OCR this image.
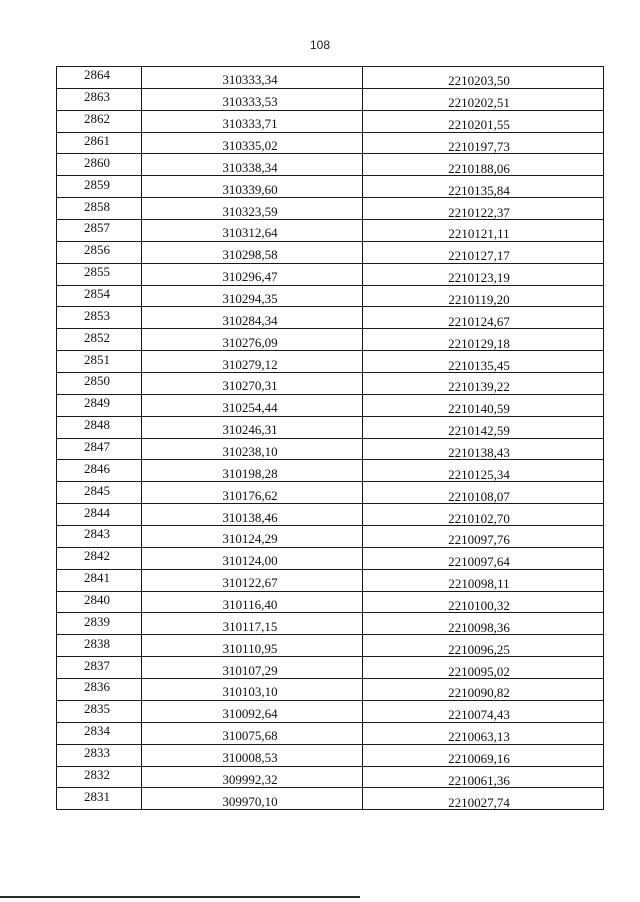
108
2864	310333,34	2210203,50
2863	310333,53	2210202,51
2862	310333,71	2210201,55
2861	310335,02	2210197,73
2860	310338,34	2210188,06
2859	310339,60	2210135,84
2858	310323,59	2210122,37
2857	310312,64	2210121,11
2856	310298,58	2210127,17
2855	310296,47	2210123,19
2854	310294,35	2210119,20
2853	310284,34	2210124,67
2852	310276,09	2210129,18
2851	310279,12	2210135,45
2850	310270,31	2210139,22
2849	310254,44	2210140,59
2848	310246,31	2210142,59
2847	310238,10	2210138,43
2846	310198,28	2210125,34
2845	310176,62	2210108,07
2844	310138,46	2210102,70
2843	310124,29	2210097,76
2842	310124,00	2210097,64
2841	310122,67	2210098,11
2840	310116,40	2210100,32
2839	310117,15	2210098,36
2838	310110,95	2210096,25
2837	310107,29	2210095,02
2836	310103,10	2210090,82
2835	310092,64	2210074,43
2834	310075,68	2210063,13
2833	310008,53	2210069,16
2832	309992,32	2210061,36
2831	309970,10	2210027,74
